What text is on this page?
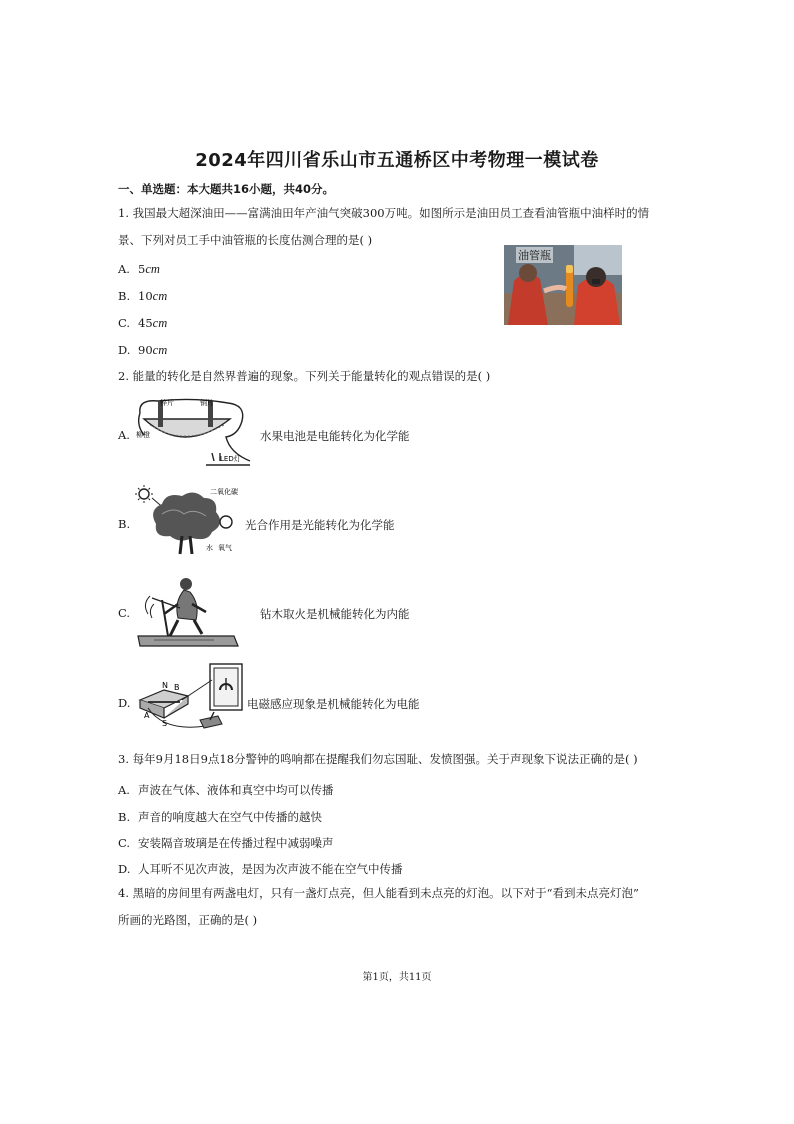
2024年四川省乐山市五通桥区中考物理一模试卷
一、单选题：本大题共16小题，共40分。
1. 我国最大超深油田——富满油田年产油气突破300万吨。如图所示是油田员工查看油管瓶中油样时的情
景、下列对员工手中油管瓶的长度估测合理的是( )
A. 5cm
B. 10cm
C. 45cm
D. 90cm
油管瓶
2. 能量的转化是自然界普遍的现象。下列关于能量转化的观点错误的是( )
A.
锌片	铜片
柳橙
LED灯
水果电池是电能转化为化学能
B.
二氧化碳
水 氧气
光合作用是光能转化为化学能
C.	钻木取火是机械能转化为内能
D.
N B
A
S
电磁感应现象是机械能转化为电能
3. 每年9月18日9点18分警钟的鸣响都在提醒我们勿忘国耻、发愤图强。关于声现象下说法正确的是( )
A. 声波在气体、液体和真空中均可以传播
B. 声音的响度越大在空气中传播的越快
C. 安装隔音玻璃是在传播过程中减弱噪声
D. 人耳听不见次声波，是因为次声波不能在空气中传播
4. 黑暗的房间里有两盏电灯，只有一盏灯点亮，但人能看到未点亮的灯泡。以下对于“看到未点亮灯泡”
所画的光路图，正确的是( )
第1页，共11页
